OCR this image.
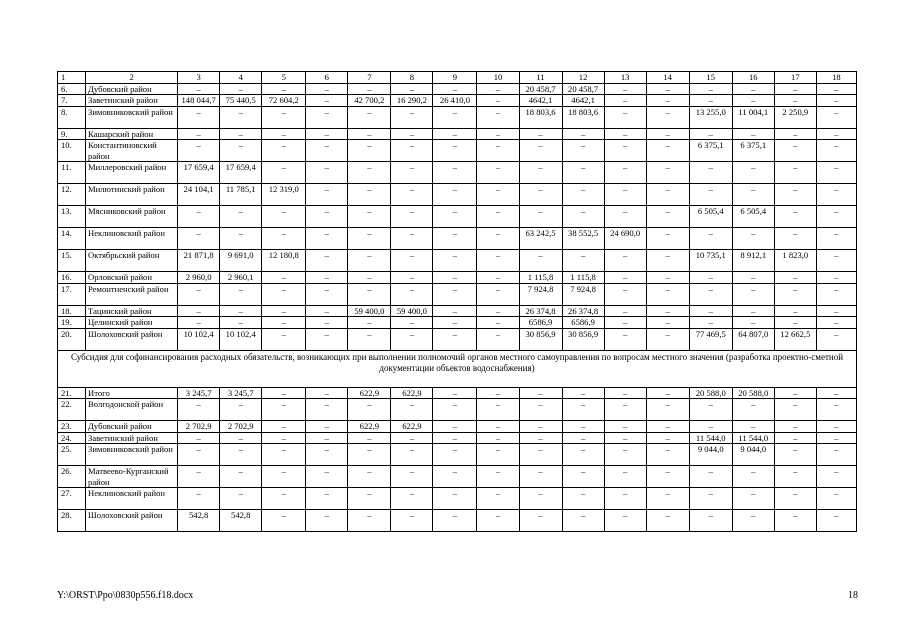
1	2	3	4	5	6	7	8	9	10	11	12	13	14	15	16	17	18
6.	Дубовский район	–	–	–	–	–	–	–	–	20 458,7	20 458,7	–	–	–	–	–	–
7.	Заветинский район	148 044,7	75 440,5	72 604,2	–	42 700,2	16 290,2	26 410,0	–	4642,1	4642,1	–	–	–	–	–	–
8.	Зимовниковский район	–	–	–	–	–	–	–	–	18 803,6	18 803,6	–	–	13 255,0	11 004,1	2 250,9	–
9.	Кашарский район	–	–	–	–	–	–	–	–	–	–	–	–	–	–	–	–
10.	Константиновский район	–	–	–	–	–	–	–	–	–	–	–	–	6 375,1	6 375,1	–	–
11.	Миллеровский район	17 659,4	17 659,4	–	–	–	–	–	–	–	–	–	–	–	–	–	–
12.	Милютинский район	24 104,1	11 785,1	12 319,0	–	–	–	–	–	–	–	–	–	–	–	–	–
13.	Мясниковский район	–	–	–	–	–	–	–	–	–	–	–	–	6 505,4	6 505,4	–	–
14.	Неклиновский район	–	–	–	–	–	–	–	–	63 242,5	38 552,5	24 690,0	–	–	–	–	–
15.	Октябрьский район	21 871,8	9 691,0	12 180,8	–	–	–	–	–	–	–	–	–	10 735,1	8 912,1	1 823,0	–
16.	Орловский район	2 960,0	2 960,1	–	–	–	–	–	–	1 115,8	1 115,8	–	–	–	–	–	–
17.	Ремонтненский район	–	–	–	–	–	–	–	–	7 924,8	7 924,8	–	–	–	–	–	–
18.	Тацинский район	–	–	–	–	59 400,0	59 400,0	–	–	26 374,8	26 374,8	–	–	–	–	–	–
19.	Целинский район	–	–	–	–	–	–	–	–	6586,9	6586,9	–	–	–	–	–	–
20.	Шолоховский район	10 102,4	10 102,4	–	–	–	–	–	–	30 856,9	30 856,9	–	–	77 469,5	64 807,0	12 662,5	–
Субсидия для софинансирования расходных обязательств, возникающих при выполнении полномочий органов местного самоуправления по вопросам местного значения (разработка проектно-сметной документации объектов водоснабжения)																	
21.	Итого	3 245,7	3 245,7	–	–	622,9	622,9	–	–	–	–	–	–	20 588,0	20 588,0	–	–
22.	Волгодонской район	–	–	–	–	–	–	–	–	–	–	–	–	–	–	–	–
23.	Дубовский район	2 702,9	2 702,9	–	–	622,9	622,9	–	–	–	–	–	–	–	–	–	–
24.	Заветинский район	–	–	–	–	–	–	–	–	–	–	–	–	11 544,0	11 544,0	–	–
25.	Зимовниковский район	–	–	–	–	–	–	–	–	–	–	–	–	9 044,0	9 044,0	–	–
26.	Матвеево-Курганский район	–	–	–	–	–	–	–	–	–	–	–	–	–	–	–	–
27.	Неклиновский район	–	–	–	–	–	–	–	–	–	–	–	–	–	–	–	–
28.	Шолоховский район	542,8	542,8	–	–	–	–	–	–	–	–	–	–	–	–	–	–
Y:\ORST\Ppo\0830p556.f18.docx	18
